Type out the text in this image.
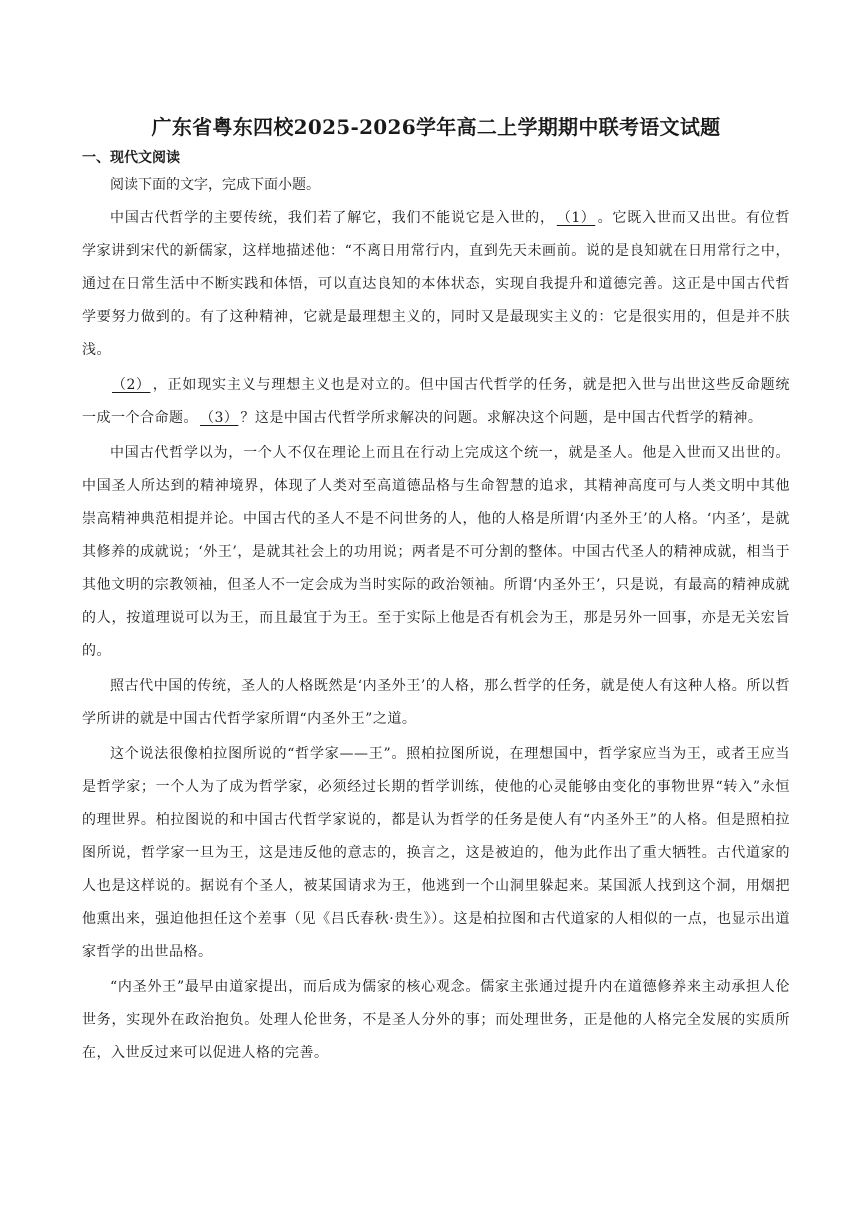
广东省粤东四校2025-2026学年高二上学期期中联考语文试题
一、现代文阅读

阅读下面的文字，完成下面小题。

中国古代哲学的主要传统，我们若了解它，我们不能说它是入世的， （1） 。它既入世而又出世。有位哲学家讲到宋代的新儒家，这样地描述他：“不离日用常行内，直到先天未画前。说的是良知就在日用常行之中，通过在日常生活中不断实践和体悟，可以直达良知的本体状态，实现自我提升和道德完善。这正是中国古代哲学要努力做到的。有了这种精神，它就是最理想主义的，同时又是最现实主义的：它是很实用的，但是并不肤浅。

（2） ，正如现实主义与理想主义也是对立的。但中国古代哲学的任务，就是把入世与出世这些反命题统一成一个合命题。 （3） ？这是中国古代哲学所求解决的问题。求解决这个问题，是中国古代哲学的精神。

中国古代哲学以为，一个人不仅在理论上而且在行动上完成这个统一，就是圣人。他是入世而又出世的。中国圣人所达到的精神境界，体现了人类对至高道德品格与生命智慧的追求，其精神高度可与人类文明中其他崇高精神典范相提并论。中国古代的圣人不是不问世务的人，他的人格是所谓‘内圣外王’的人格。‘内圣’，是就其修养的成就说；‘外王’，是就其社会上的功用说；两者是不可分割的整体。中国古代圣人的精神成就，相当于其他文明的宗教领袖，但圣人不一定会成为当时实际的政治领袖。所谓‘内圣外王’，只是说，有最高的精神成就的人，按道理说可以为王，而且最宜于为王。至于实际上他是否有机会为王，那是另外一回事，亦是无关宏旨的。

照古代中国的传统，圣人的人格既然是‘内圣外王’的人格，那么哲学的任务，就是使人有这种人格。所以哲学所讲的就是中国古代哲学家所谓“内圣外王”之道。

这个说法很像柏拉图所说的“哲学家——王”。照柏拉图所说，在理想国中，哲学家应当为王，或者王应当是哲学家；一个人为了成为哲学家，必须经过长期的哲学训练，使他的心灵能够由变化的事物世界“转入”永恒的理世界。柏拉图说的和中国古代哲学家说的，都是认为哲学的任务是使人有“内圣外王”的人格。但是照柏拉图所说，哲学家一旦为王，这是违反他的意志的，换言之，这是被迫的，他为此作出了重大牺牲。古代道家的人也是这样说的。据说有个圣人，被某国请求为王，他逃到一个山洞里躲起来。某国派人找到这个洞，用烟把他熏出来，强迫他担任这个差事（见《吕氏春秋·贵生》）。这是柏拉图和古代道家的人相似的一点，也显示出道家哲学的出世品格。

“内圣外王”最早由道家提出，而后成为儒家的核心观念。儒家主张通过提升内在道德修养来主动承担人伦世务，实现外在政治抱负。处理人伦世务，不是圣人分外的事；而处理世务，正是他的人格完全发展的实质所在，入世反过来可以促进人格的完善。
